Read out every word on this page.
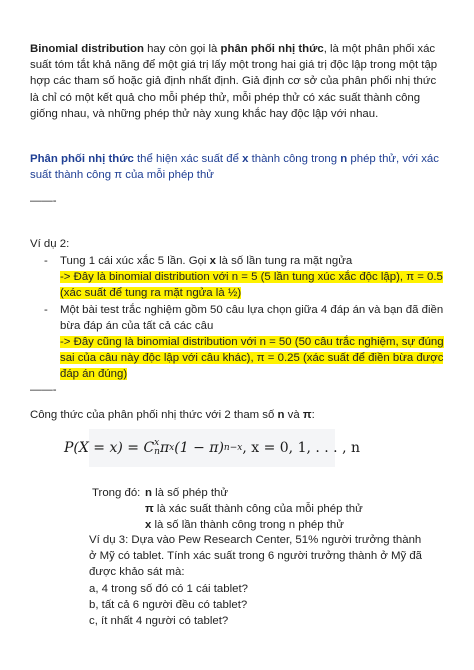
Binomial distribution hay còn gọi là phân phối nhị thức, là một phân phối xác suất tóm tắt khả năng để một giá trị lấy một trong hai giá trị độc lập trong một tập hợp các tham số hoặc giả định nhất định. Giả định cơ sở của phân phối nhị thức là chỉ có một kết quả cho mỗi phép thử, mỗi phép thử có xác suất thành công giống nhau, và những phép thử này xung khắc hay độc lập với nhau.

Phân phối nhị thức thể hiện xác suất để x thành công trong n phép thử, với xác suất thành công π của mỗi phép thử

——-

Ví dụ 2:

- Tung 1 cái xúc xắc 5 lần. Gọi x là số lần tung ra mặt ngửa
-> Đây là binomial distribution với n = 5 (5 lần tung xúc xắc độc lập), π = 0.5 (xác suất để tung ra mặt ngửa là ½)
- Một bài test trắc nghiệm gồm 50 câu lựa chọn giữa 4 đáp án và bạn đã điền bừa đáp án của tất cả các câu
-> Đây cũng là binomial distribution với n = 50 (50 câu trắc nghiệm, sự đúng sai của câu này độc lập với câu khác), π = 0.25 (xác suất để điền bừa được đáp án đúng)

——-

Công thức của phân phối nhị thức với 2 tham số n và π:

P(X = x) = C x
n π x (1 − π) n−x , x = 0, 1, . . . , n
Trong đó: n là số phép thử
π là xác suất thành công của mỗi phép thử
x là số lần thành công trong n phép thử
Ví dụ 3: Dựa vào Pew Research Center, 51% người trưởng thành ở Mỹ có tablet. Tính xác suất trong 6 người trưởng thành ở Mỹ đã được khảo sát mà:
a, 4 trong số đó có 1 cái tablet?
b, tất cả 6 người đều có tablet?
c, ít nhất 4 người có tablet?
